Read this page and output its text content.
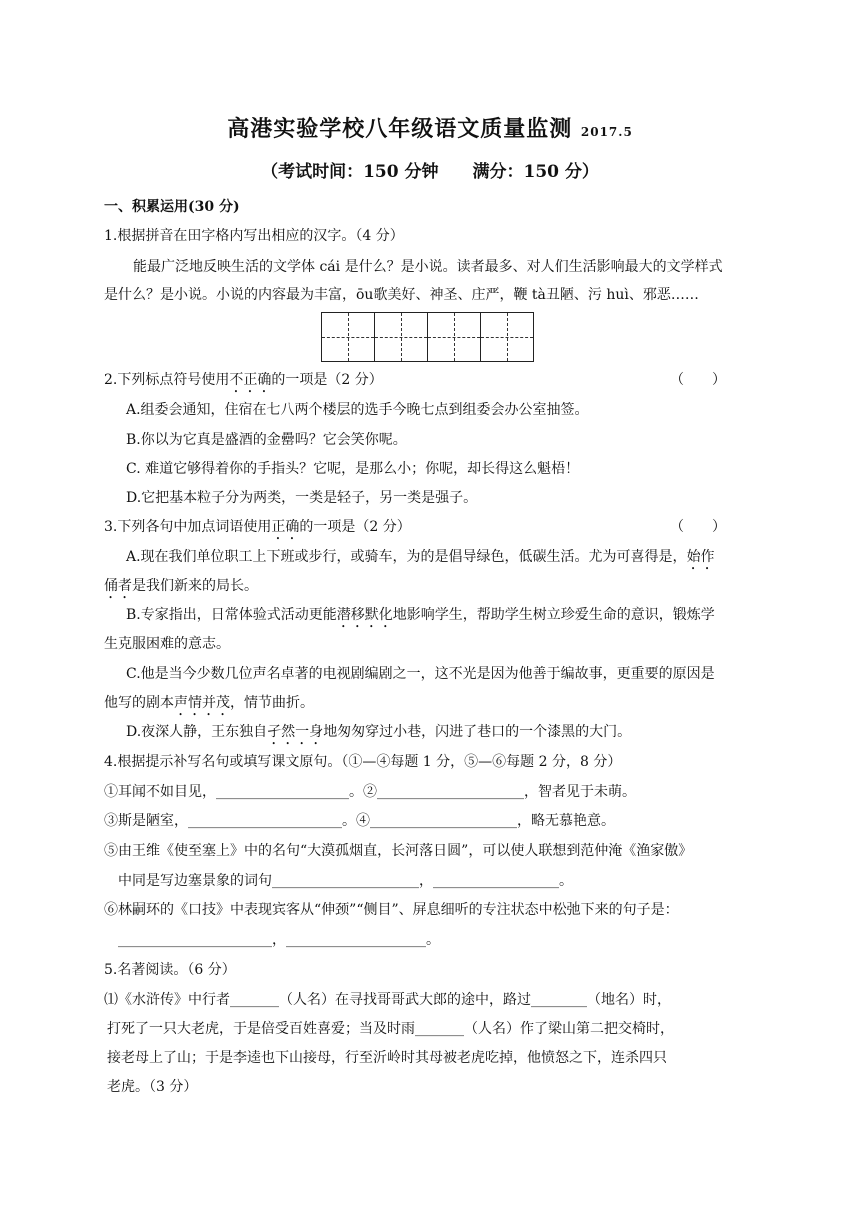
高港实验学校八年级语文质量监测 2017.5
（考试时间：150 分钟　　满分：150 分）
一、积累运用(30 分)
1.根据拼音在田字格内写出相应的汉字。（4 分）
能最广泛地反映生活的文学体 cái 是什么？是小说。读者最多、对人们生活影响最大的文学样式
是什么？是小说。小说的内容最为丰富，ōu歌美好、神圣、庄严，鞭 tà丑陋、污 huì、邪恶……
2.下列标点符号使用不正确的一项是（2 分）	（　　）
A.组委会通知，住宿在七八两个楼层的选手今晚七点到组委会办公室抽签。
B.你以为它真是盛酒的金罍吗？它会笑你呢。
C. 难道它够得着你的手指头？它呢，是那么小；你呢，却长得这么魁梧！
D.它把基本粒子分为两类，一类是轻子，另一类是强子。
3.下列各句中加点词语使用正确的一项是（2 分）	（　　）
A.现在我们单位职工上下班或步行，或骑车，为的是倡导绿色，低碳生活。尤为可喜得是，始作
俑者是我们新来的局长。
B.专家指出，日常体验式活动更能潜移默化地影响学生，帮助学生树立珍爱生命的意识，锻炼学
生克服困难的意志。
C.他是当今少数几位声名卓著的电视剧编剧之一，这不光是因为他善于编故事，更重要的原因是
他写的剧本声情并茂，情节曲折。
D.夜深人静，王东独自孑然一身地匆匆穿过小巷，闪进了巷口的一个漆黑的大门。
4.根据提示补写名句或填写课文原句。（①—④每题 1 分，⑤—⑥每题 2 分，8 分）
①耳闻不如目见，___________________。②_____________________，智者见于未萌。
③斯是陋室，______________________。④_____________________，略无慕艳意。
⑤由王维《使至塞上》中的名句“大漠孤烟直，长河落日圆”，可以使人联想到范仲淹《渔家傲》
中同是写边塞景象的词句_____________________，__________________。
⑥林嗣环的《口技》中表现宾客从“伸颈”“侧目”、屏息细听的专注状态中松弛下来的句子是：
______________________，____________________。
5.名著阅读。（6 分）
⑴《水浒传》中行者_______（人名）在寻找哥哥武大郎的途中，路过________（地名）时，
打死了一只大老虎，于是倍受百姓喜爱；当及时雨_______（人名）作了梁山第二把交椅时，
接老母上了山；于是李逵也下山接母，行至沂岭时其母被老虎吃掉，他愤怒之下，连杀四只
老虎。（3 分）
